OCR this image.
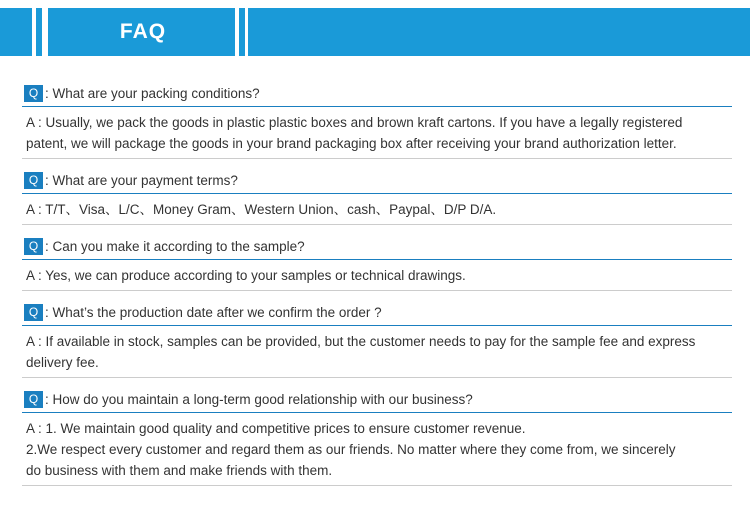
FAQ
Q : What are your packing conditions?
A : Usually, we pack the goods in plastic plastic boxes and brown kraft cartons. If you have a legally registered
patent, we will package the goods in your brand packaging box after receiving your brand authorization letter.
Q : What are your payment terms?
A : T/T、Visa、L/C、Money Gram、Western Union、cash、Paypal、D/P D/A.
Q : Can you make it according to the sample?
A : Yes, we can produce according to your samples or technical drawings.
Q : What’s the production date after we confirm the order ?
A : If available in stock, samples can be provided, but the customer needs to pay for the sample fee and express
delivery fee.
Q : How do you maintain a long-term good relationship with our business?
A : 1. We maintain good quality and competitive prices to ensure customer revenue.
2.We respect every customer and regard them as our friends. No matter where they come from, we sincerely
do business with them and make friends with them.
